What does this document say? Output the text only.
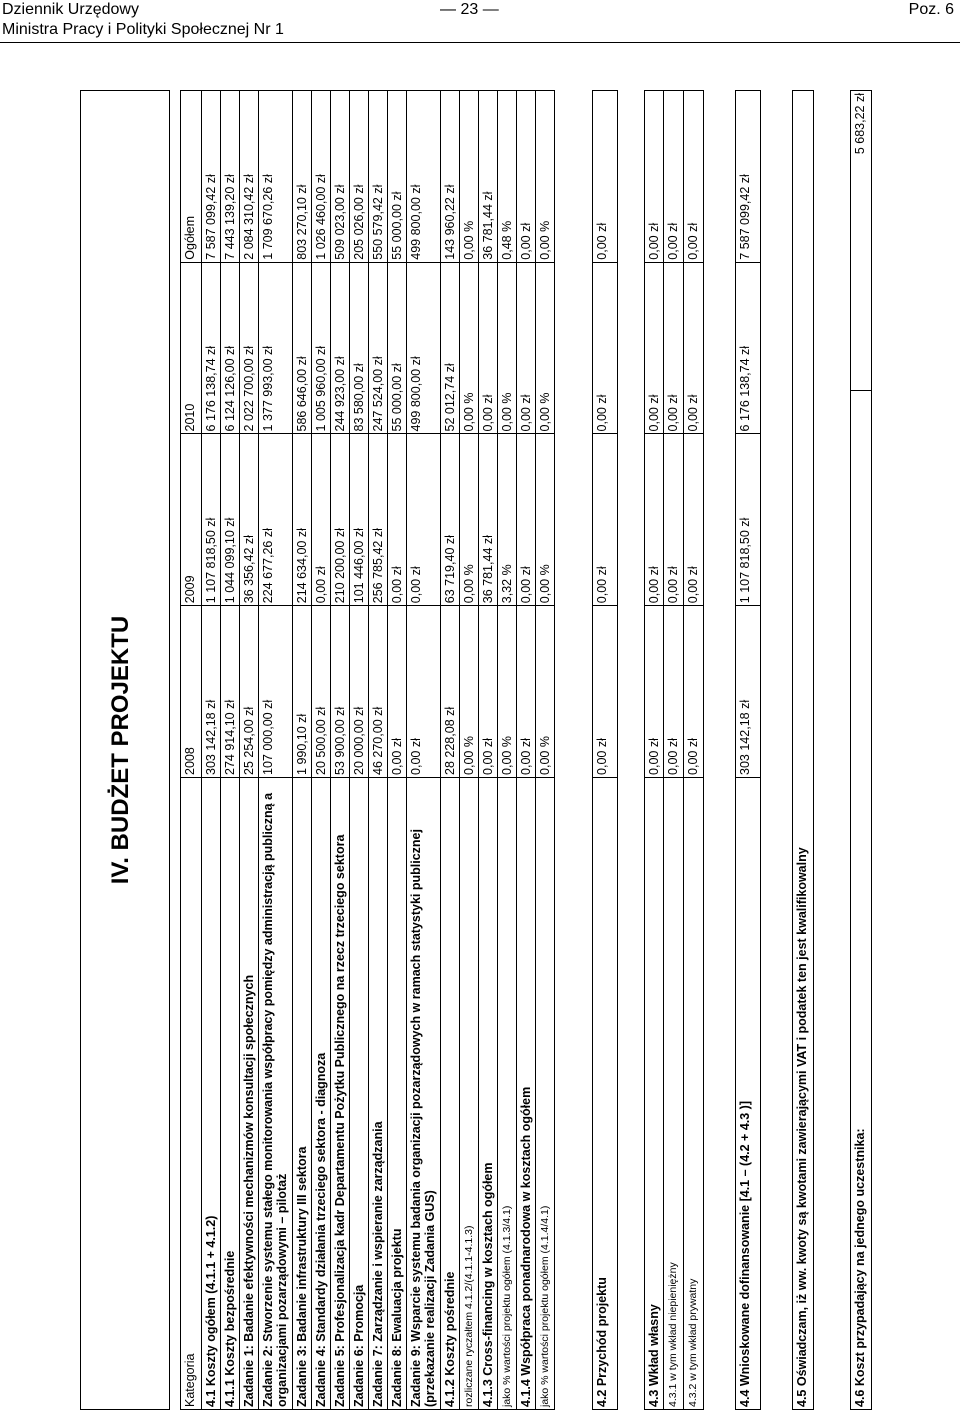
Dziennik Urzędowy
Ministra Pracy i Polityki Społecznej Nr 1
— 23 —	Poz. 6
IV. BUDŻET PROJEKTU
Kategoria
2008
2009
2010
Ogółem
4.1 Koszty ogółem (4.1.1 + 4.1.2)
303 142,18 zł
1 107 818,50 zł
6 176 138,74 zł
7 587 099,42 zł
4.1.1 Koszty bezpośrednie
274 914,10 zł
1 044 099,10 zł
6 124 126,00 zł
7 443 139,20 zł
Zadanie 1: Badanie efektywności mechanizmów konsultacji społecznych
25 254,00 zł
36 356,42 zł
2 022 700,00 zł
2 084 310,42 zł
Zadanie 2: Stworzenie systemu stałego monitorowania współpracy pomiędzy administracją publiczną a organizacjami pozarządowymi – pilotaż
107 000,00 zł
224 677,26 zł
1 377 993,00 zł
1 709 670,26 zł
Zadanie 3: Badanie infrastruktury III sektora
1 990,10 zł
214 634,00 zł
586 646,00 zł
803 270,10 zł
Zadanie 4: Standardy działania trzeciego sektora - diagnoza
20 500,00 zł
0,00 zł
1 005 960,00 zł
1 026 460,00 zł
Zadanie 5: Profesjonalizacja kadr Departamentu Pożytku Publicznego na rzecz trzeciego sektora
53 900,00 zł
210 200,00 zł
244 923,00 zł
509 023,00 zł
Zadanie 6: Promocja
20 000,00 zł
101 446,00 zł
83 580,00 zł
205 026,00 zł
Zadanie 7: Zarządzanie i wspieranie zarządzania
46 270,00 zł
256 785,42 zł
247 524,00 zł
550 579,42 zł
Zadanie 8: Ewaluacja projektu
0,00 zł
0,00 zł
55 000,00 zł
55 000,00 zł
Zadanie 9: Wsparcie systemu badania organizacji pozarządowych w ramach statystyki publicznej (przekazanie realizacji Zadania GUS)
0,00 zł
0,00 zł
499 800,00 zł
499 800,00 zł
4.1.2 Koszty pośrednie
28 228,08 zł
63 719,40 zł
52 012,74 zł
143 960,22 zł
rozliczane ryczałtem 4.1.2/(4.1.1-4.1.3)
0,00 %
0,00 %
0,00 %
0,00 %
4.1.3 Cross-financing w kosztach ogółem
0,00 zł
36 781,44 zł
0,00 zł
36 781,44 zł
jako % wartości projektu ogółem (4.1.3/4.1)
0,00 %
3,32 %
0,00 %
0,48 %
4.1.4 Współpraca ponadnarodowa w kosztach ogółem
0,00 zł
0,00 zł
0,00 zł
0,00 zł
jako % wartości projektu ogółem (4.1.4/4.1)
0,00 %
0,00 %
0,00 %
0,00 %
4.2 Przychód projektu
0,00 zł
0,00 zł
0,00 zł
0,00 zł
4.3 Wkład własny
0,00 zł
0,00 zł
0,00 zł
0,00 zł
4.3.1 w tym wkład niepieniężny
0,00 zł
0,00 zł
0,00 zł
0,00 zł
4.3.2 w tym wkład prywatny
0,00 zł
0,00 zł
0,00 zł
0,00 zł
4.4 Wnioskowane dofinansowanie [4.1 – (4.2 + 4.3 )]
303 142,18 zł
1 107 818,50 zł
6 176 138,74 zł
7 587 099,42 zł
4.5 Oświadczam, iż ww. kwoty są kwotami zawierającymi VAT i podatek ten jest kwalifikowalny	4.6 Koszt przypadający na jednego uczestnika:
5 683,22 zł
